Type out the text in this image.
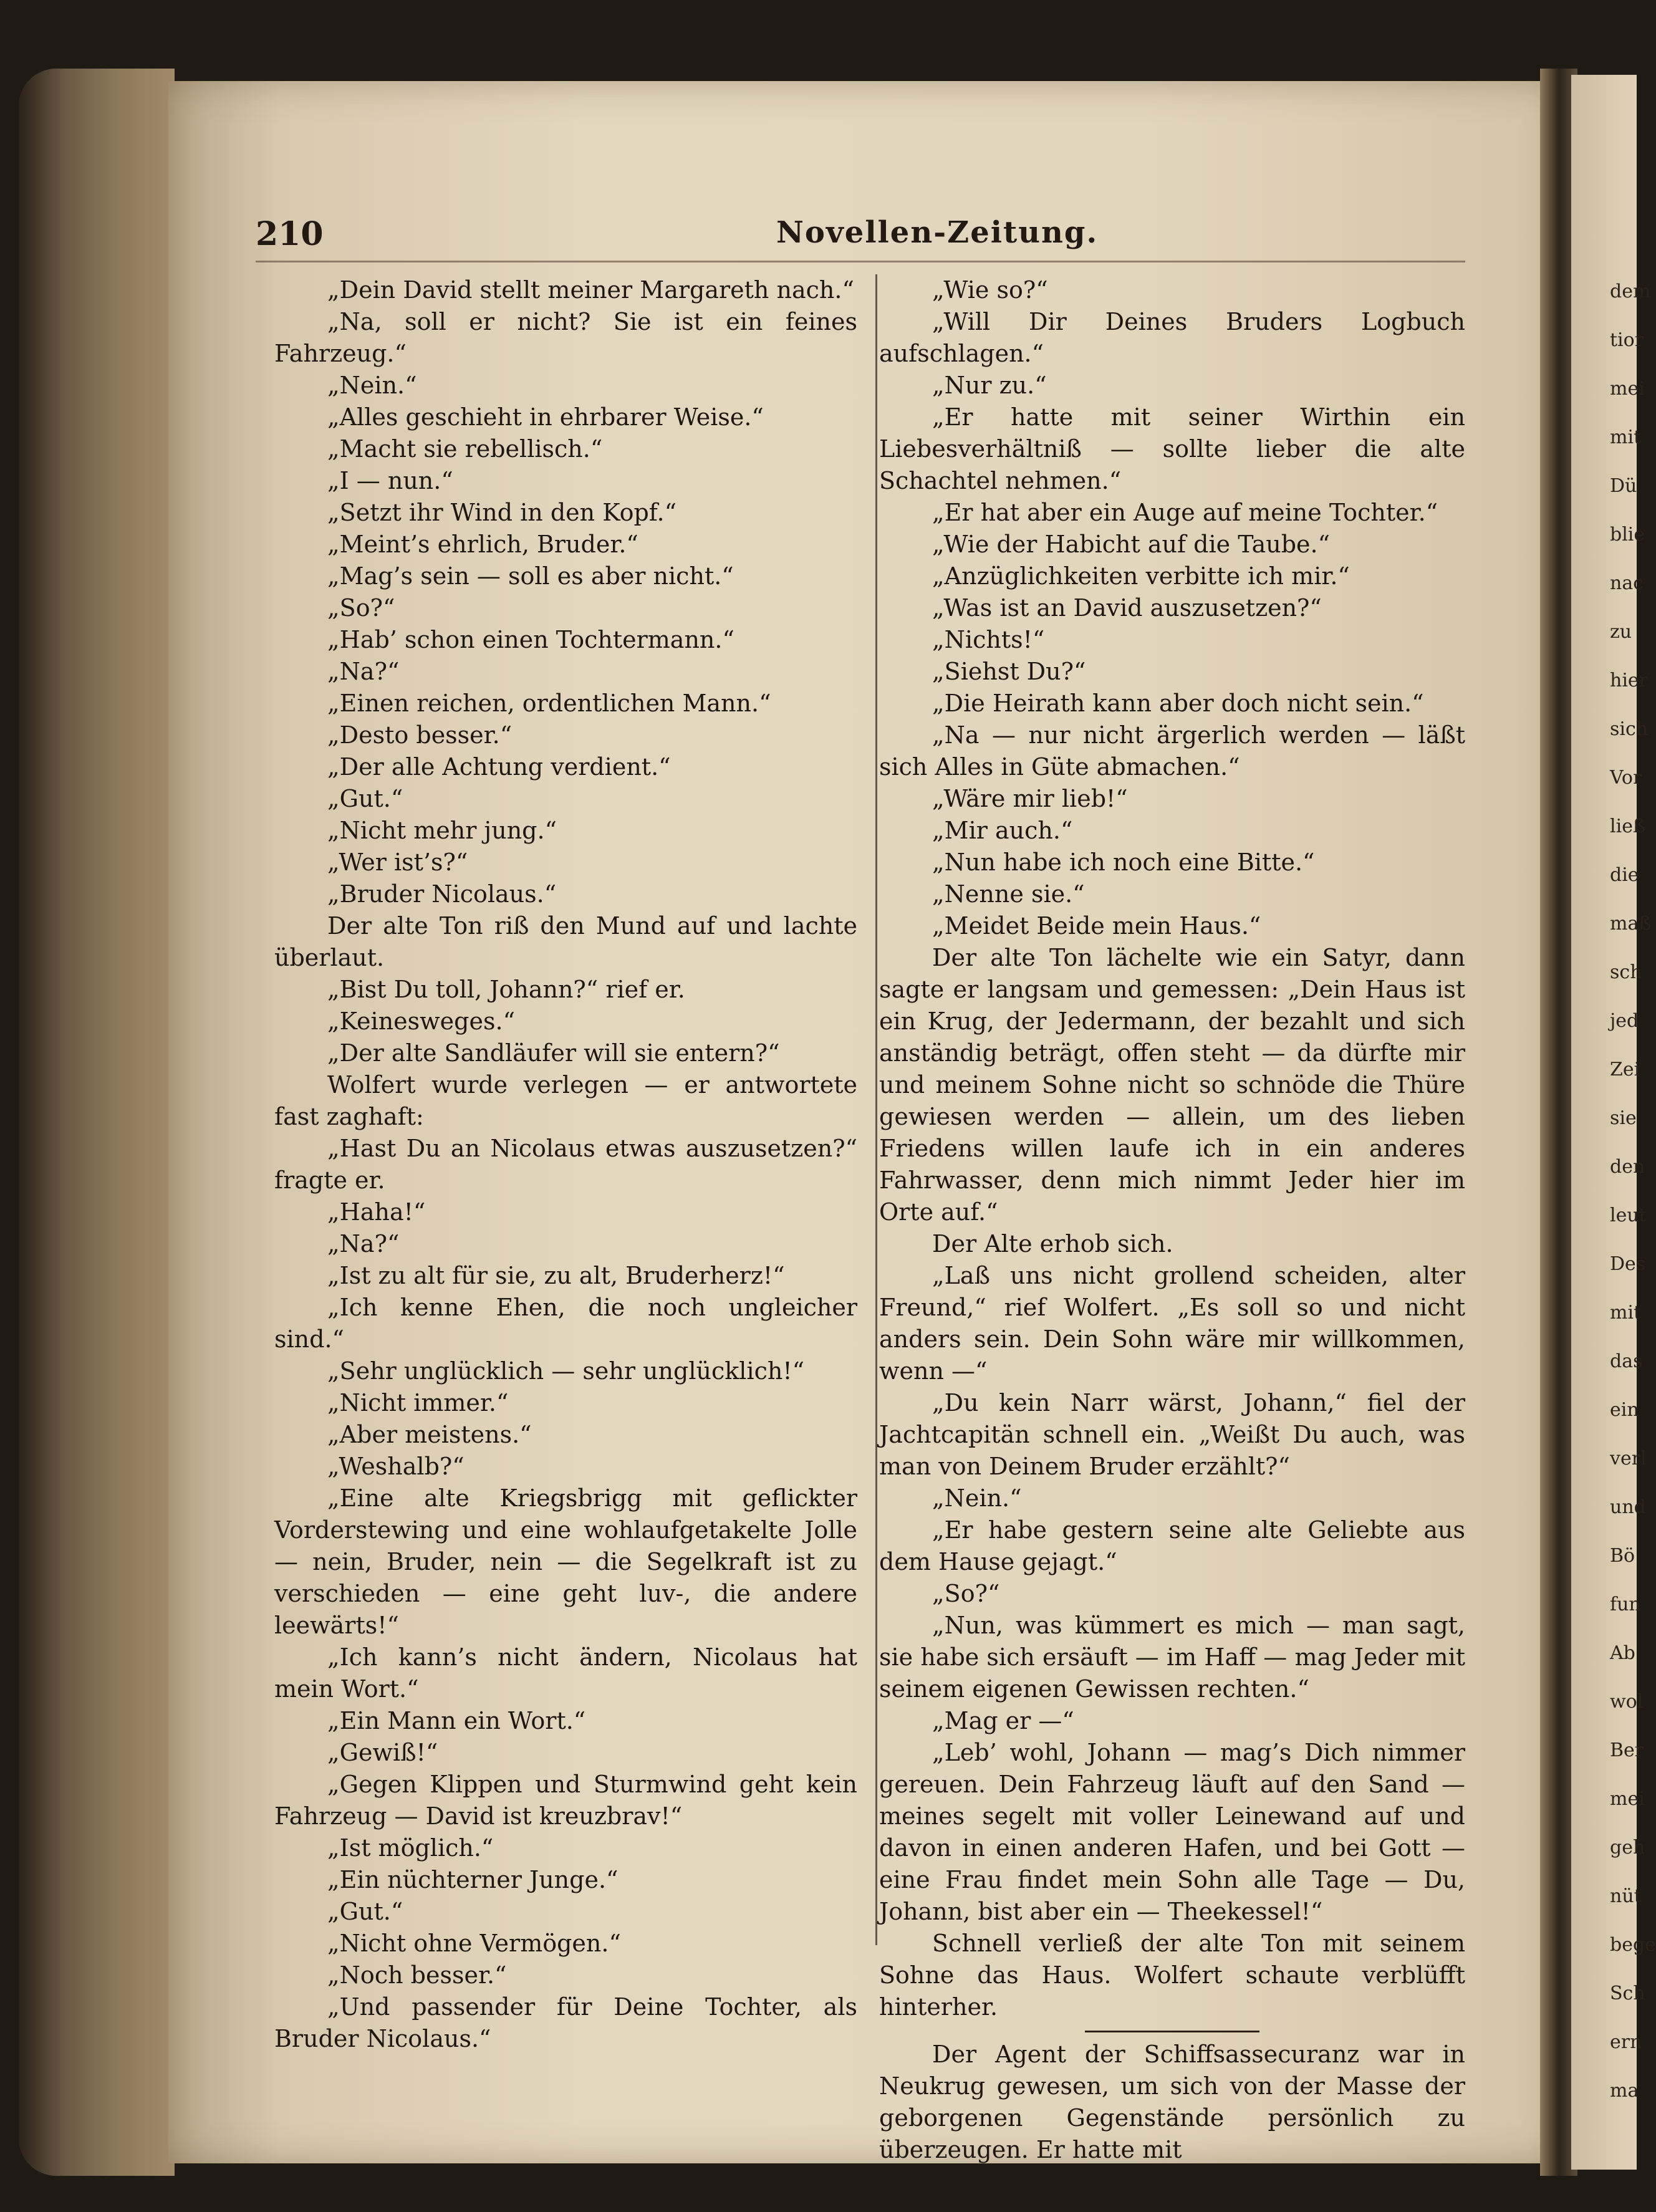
dem
tior
mei
mit
Dü
blie
nac
zu
hier
sich
Vor
ließ
die
maß
sch
jed
Zei
sie
den
leut
Des
mit
das
ein
verl
und
Bö
fun
Ab
wol
Ber
mei
geh
nüt
bege
Sch
ern
ma
210	Novellen-Zeitung.

„Dein David stellt meiner Margareth nach.“

„Na, soll er nicht? Sie ist ein feines Fahrzeug.“

„Nein.“

„Alles geschieht in ehrbarer Weise.“

„Macht sie rebellisch.“

„I — nun.“

„Setzt ihr Wind in den Kopf.“

„Meint’s ehrlich, Bruder.“

„Mag’s sein — soll es aber nicht.“

„So?“

„Hab’ schon einen Tochtermann.“

„Na?“

„Einen reichen, ordentlichen Mann.“

„Desto besser.“

„Der alle Achtung verdient.“

„Gut.“

„Nicht mehr jung.“

„Wer ist’s?“

„Bruder Nicolaus.“

Der alte Ton riß den Mund auf und lachte überlaut.

„Bist Du toll, Johann?“ rief er.

„Keinesweges.“

„Der alte Sandläufer will sie entern?“

Wolfert wurde verlegen — er antwortete fast zaghaft:

„Hast Du an Nicolaus etwas auszusetzen?“ fragte er.

„Haha!“

„Na?“

„Ist zu alt für sie, zu alt, Bruderherz!“

„Ich kenne Ehen, die noch ungleicher sind.“

„Sehr unglücklich — sehr unglücklich!“

„Nicht immer.“

„Aber meistens.“

„Weshalb?“

„Eine alte Kriegsbrigg mit geflickter Vorderstewing und eine wohlaufgetakelte Jolle — nein, Bruder, nein — die Segelkraft ist zu verschieden — eine geht luv-, die andere leewärts!“

„Ich kann’s nicht ändern, Nicolaus hat mein Wort.“

„Ein Mann ein Wort.“

„Gewiß!“

„Gegen Klippen und Sturmwind geht kein Fahrzeug — David ist kreuzbrav!“

„Ist möglich.“

„Ein nüchterner Junge.“

„Gut.“

„Nicht ohne Vermögen.“

„Noch besser.“

„Und passender für Deine Tochter, als Bruder Nicolaus.“

„Wie so?“

„Will Dir Deines Bruders Logbuch aufschlagen.“

„Nur zu.“

„Er hatte mit seiner Wirthin ein Liebesverhältniß — sollte lieber die alte Schachtel nehmen.“

„Er hat aber ein Auge auf meine Tochter.“

„Wie der Habicht auf die Taube.“

„Anzüglichkeiten verbitte ich mir.“

„Was ist an David auszusetzen?“

„Nichts!“

„Siehst Du?“

„Die Heirath kann aber doch nicht sein.“

„Na — nur nicht ärgerlich werden — läßt sich Alles in Güte abmachen.“

„Wäre mir lieb!“

„Mir auch.“

„Nun habe ich noch eine Bitte.“

„Nenne sie.“

„Meidet Beide mein Haus.“

Der alte Ton lächelte wie ein Satyr, dann sagte er langsam und gemessen: „Dein Haus ist ein Krug, der Jedermann, der bezahlt und sich anständig beträgt, offen steht — da dürfte mir und meinem Sohne nicht so schnöde die Thüre gewiesen werden — allein, um des lieben Friedens willen laufe ich in ein anderes Fahrwasser, denn mich nimmt Jeder hier im Orte auf.“

Der Alte erhob sich.

„Laß uns nicht grollend scheiden, alter Freund,“ rief Wolfert. „Es soll so und nicht anders sein. Dein Sohn wäre mir willkommen, wenn —“

„Du kein Narr wärst, Johann,“ fiel der Jachtcapitän schnell ein. „Weißt Du auch, was man von Deinem Bruder erzählt?“

„Nein.“

„Er habe gestern seine alte Geliebte aus dem Hause gejagt.“

„So?“

„Nun, was kümmert es mich — man sagt, sie habe sich ersäuft — im Haff — mag Jeder mit seinem eigenen Gewissen rechten.“

„Mag er —“

„Leb’ wohl, Johann — mag’s Dich nimmer gereuen. Dein Fahrzeug läuft auf den Sand — meines segelt mit voller Leinewand auf und davon in einen anderen Hafen, und bei Gott — eine Frau findet mein Sohn alle Tage — Du, Johann, bist aber ein — Theekessel!“

Schnell verließ der alte Ton mit seinem Sohne das Haus. Wolfert schaute verblüfft hinterher.

Der Agent der Schiffsassecuranz war in Neukrug gewesen, um sich von der Masse der geborgenen Gegenstände persönlich zu überzeugen. Er hatte mit
